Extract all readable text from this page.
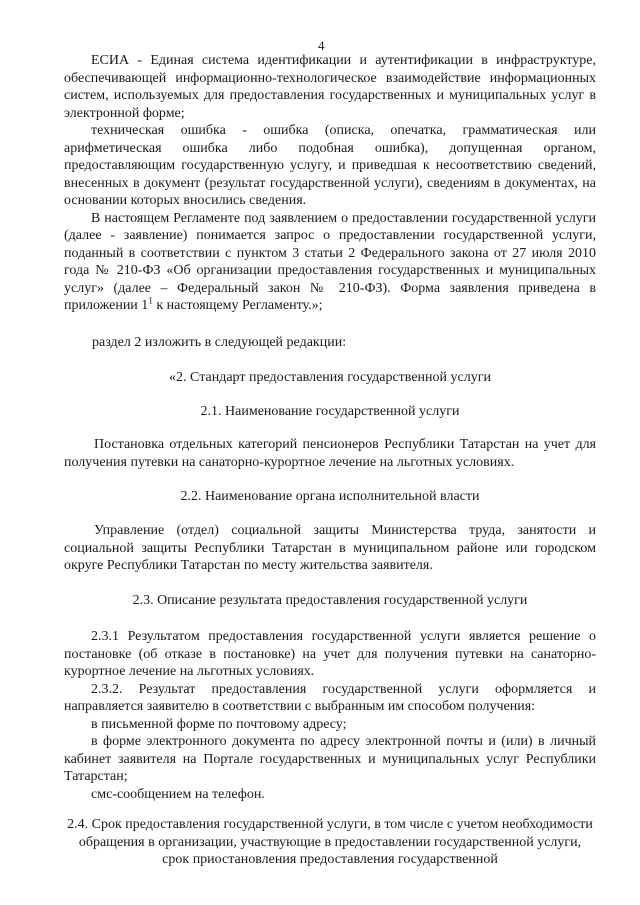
4

ЕСИА - Единая система идентификации и аутентификации в инфраструктуре, обеспечивающей информационно-технологическое взаимодействие информационных систем, используемых для предоставления государственных и муниципальных услуг в электронной форме;

техническая ошибка - ошибка (описка, опечатка, грамматическая или арифметическая ошибка либо подобная ошибка), допущенная органом, предоставляющим государственную услугу, и приведшая к несоответствию сведений, внесенных в документ (результат государственной услуги), сведениям в документах, на основании которых вносились сведения.

В настоящем Регламенте под заявлением о предоставлении государственной услуги (далее - заявление) понимается запрос о предоставлении государственной услуги, поданный в соответствии с пунктом 3 статьи 2 Федерального закона от 27 июля 2010 года № 210-ФЗ «Об организации предоставления государственных и муниципальных услуг» (далее – Федеральный закон № 210-ФЗ). Форма заявления приведена в приложении $1^1$ к настоящему Регламенту.»;

раздел 2 изложить в следующей редакции:

«2. Стандарт предоставления государственной услуги

2.1. Наименование государственной услуги

Постановка отдельных категорий пенсионеров Республики Татарстан на учет для получения путевки на санаторно-курортное лечение на льготных условиях.

2.2. Наименование органа исполнительной власти

Управление (отдел) социальной защиты Министерства труда, занятости и социальной защиты Республики Татарстан в муниципальном районе или городском округе Республики Татарстан по месту жительства заявителя.

2.3. Описание результата предоставления государственной услуги

2.3.1 Результатом предоставления государственной услуги является решение о постановке (об отказе в постановке) на учет для получения путевки на санаторно-курортное лечение на льготных условиях.

2.3.2. Результат предоставления государственной услуги оформляется и направляется заявителю в соответствии с выбранным им способом получения:

в письменной форме по почтовому адресу;

в форме электронного документа по адресу электронной почты и (или) в личный кабинет заявителя на Портале государственных и муниципальных услуг Республики Татарстан;

смс-сообщением на телефон.

2.4. Срок предоставления государственной услуги, в том числе с учетом необходимости обращения в организации, участвующие в предоставлении государственной услуги, срок приостановления предоставления государственной
